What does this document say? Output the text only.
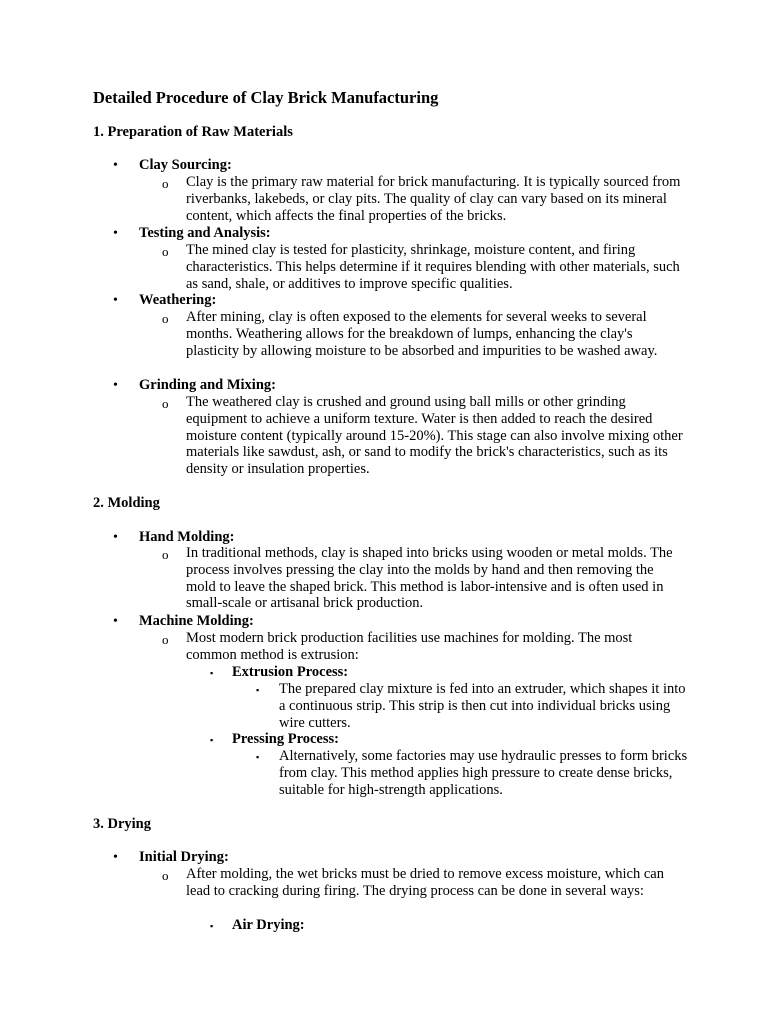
Detailed Procedure of Clay Brick Manufacturing
1. Preparation of Raw Materials
• Clay Sourcing:
o Clay is the primary raw material for brick manufacturing. It is typically sourced from riverbanks, lakebeds, or clay pits. The quality of clay can vary based on its mineral content, which affects the final properties of the bricks.
• Testing and Analysis:
o The mined clay is tested for plasticity, shrinkage, moisture content, and firing characteristics. This helps determine if it requires blending with other materials, such as sand, shale, or additives to improve specific qualities.
• Weathering:
o After mining, clay is often exposed to the elements for several weeks to several months. Weathering allows for the breakdown of lumps, enhancing the clay's plasticity by allowing moisture to be absorbed and impurities to be washed away.
• Grinding and Mixing:
o The weathered clay is crushed and ground using ball mills or other grinding equipment to achieve a uniform texture. Water is then added to reach the desired moisture content (typically around 15-20%). This stage can also involve mixing other materials like sawdust, ash, or sand to modify the brick's characteristics, such as its density or insulation properties.
2. Molding
• Hand Molding:
o In traditional methods, clay is shaped into bricks using wooden or metal molds. The process involves pressing the clay into the molds by hand and then removing the mold to leave the shaped brick. This method is labor-intensive and is often used in small-scale or artisanal brick production.
• Machine Molding:
o Most modern brick production facilities use machines for molding. The most common method is extrusion:
▪ Extrusion Process:
▪ The prepared clay mixture is fed into an extruder, which shapes it into a continuous strip. This strip is then cut into individual bricks using wire cutters.
▪ Pressing Process:
▪ Alternatively, some factories may use hydraulic presses to form bricks from clay. This method applies high pressure to create dense bricks, suitable for high-strength applications.
3. Drying
• Initial Drying:
o After molding, the wet bricks must be dried to remove excess moisture, which can lead to cracking during firing. The drying process can be done in several ways:
▪ Air Drying:
